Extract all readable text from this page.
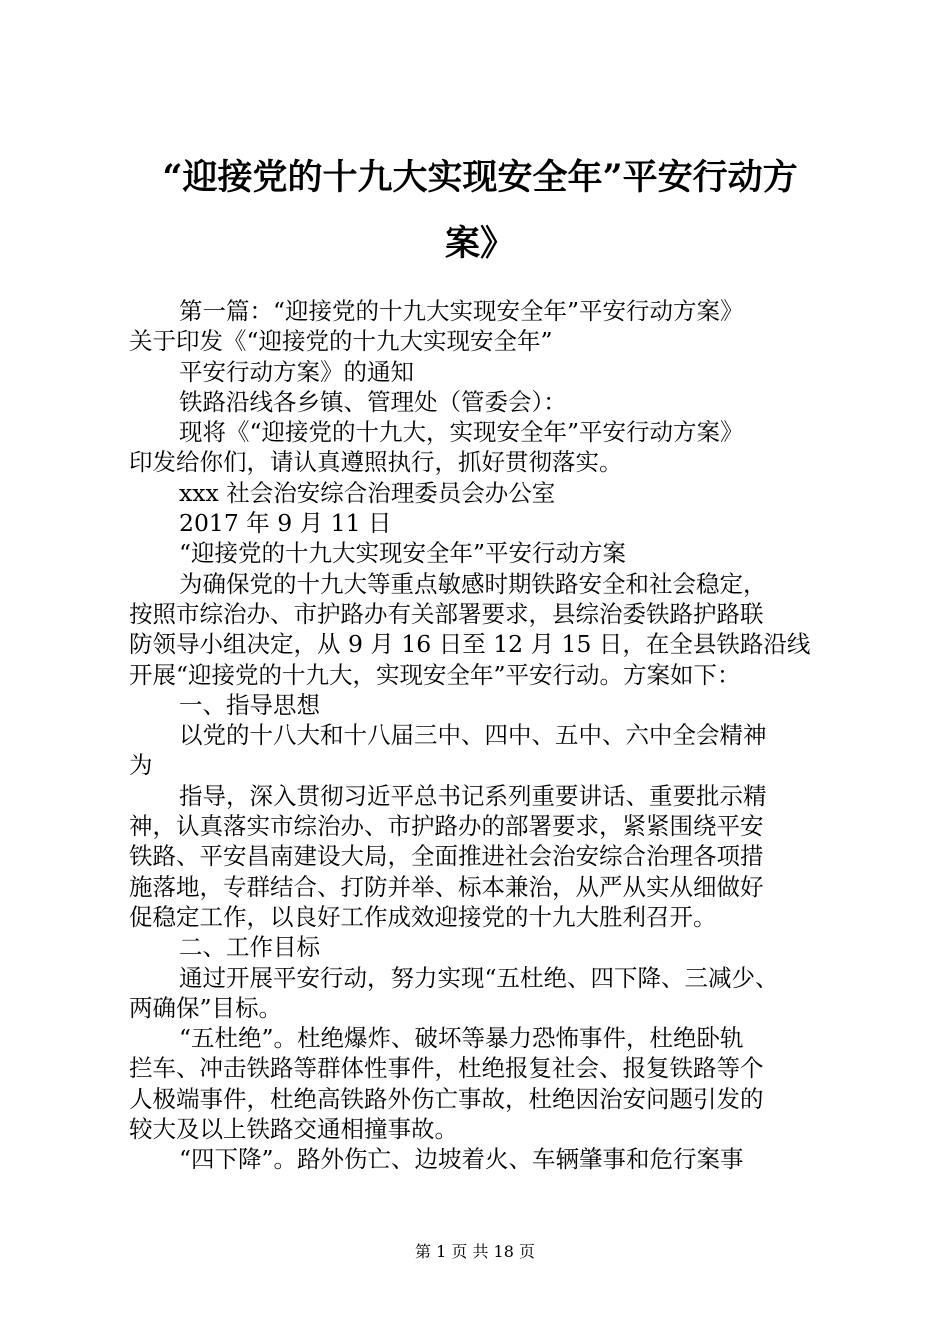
“迎接党的十九大实现安全年”平安行动方
案》
第一篇：“迎接党的十九大实现安全年”平安行动方案》
关于印发《“迎接党的十九大实现安全年”
平安行动方案》的通知
铁路沿线各乡镇、管理处（管委会）：
现将《“迎接党的十九大，实现安全年”平安行动方案》
印发给你们，请认真遵照执行，抓好贯彻落实。
xxx 社会治安综合治理委员会办公室
2017 年 9 月 11 日
“迎接党的十九大实现安全年”平安行动方案
为确保党的十九大等重点敏感时期铁路安全和社会稳定，
按照市综治办、市护路办有关部署要求，县综治委铁路护路联
防领导小组决定，从 9 月 16 日至 12 月 15 日，在全县铁路沿线
开展“迎接党的十九大，实现安全年”平安行动。方案如下：
一、指导思想
以党的十八大和十八届三中、四中、五中、六中全会精神
为
指导，深入贯彻习近平总书记系列重要讲话、重要批示精
神，认真落实市综治办、市护路办的部署要求，紧紧围绕平安
铁路、平安昌南建设大局，全面推进社会治安综合治理各项措
施落地，专群结合、打防并举、标本兼治，从严从实从细做好
促稳定工作，以良好工作成效迎接党的十九大胜利召开。
二、工作目标
通过开展平安行动，努力实现“五杜绝、四下降、三减少、
两确保”目标。
“五杜绝”。杜绝爆炸、破坏等暴力恐怖事件，杜绝卧轨
拦车、冲击铁路等群体性事件，杜绝报复社会、报复铁路等个
人极端事件，杜绝高铁路外伤亡事故，杜绝因治安问题引发的
较大及以上铁路交通相撞事故。
“四下降”。路外伤亡、边坡着火、车辆肇事和危行案事
第 1 页 共 18 页
